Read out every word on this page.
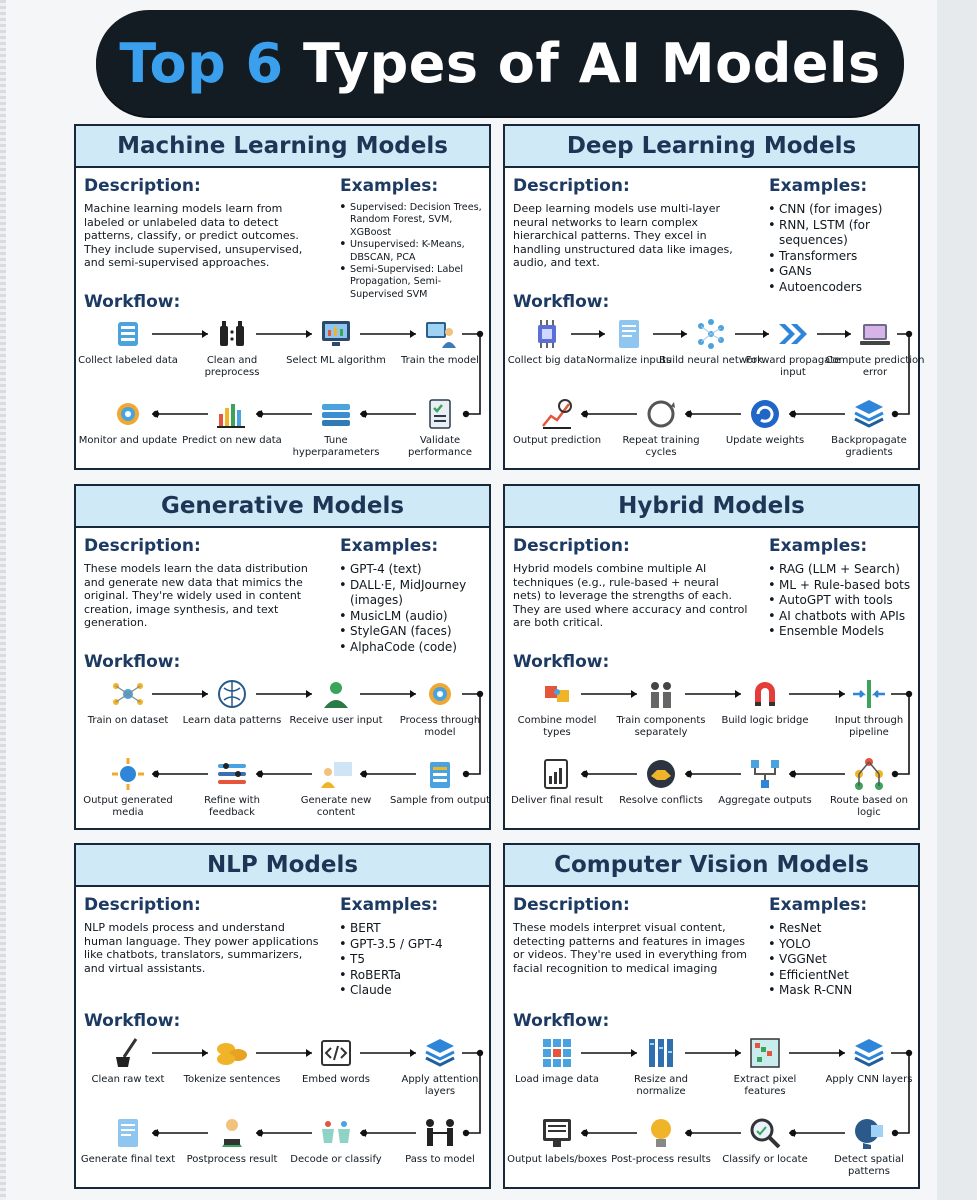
Top 6 Types of AI Models
Machine Learning Models
Description:	Examples:
Machine learning models learn from labeled or unlabeled data to detect patterns, classify, or predict outcomes. They include supervised, unsupervised, and semi-supervised approaches.
• Supervised: Decision Trees, Random Forest, SVM, XGBoost
• Unsupervised: K-Means, DBSCAN, PCA
• Semi-Supervised: Label Propagation, Semi-Supervised SVM
Workflow:
Collect labeled data	Clean and preprocess
Select ML algorithm	Train the model
Validate performance
Tune hyperparameters
Predict on new data
Monitor and update
Deep Learning Models
Description:	Examples:
Deep learning models use multi-layer neural networks to learn complex hierarchical patterns. They excel in handling unstructured data like images, audio, and text.
• CNN (for images)
• RNN, LSTM (for sequences)
• Transformers
• GANs
• Autoencoders
Workflow:
Collect big data Normalize inputs
Build neural network
Forward propagate input
Compute prediction error
Backpropagate gradients
Update weights
Repeat training cycles
Output prediction
Generative Models
Description:	Examples:
These models learn the data distribution and generate new data that mimics the original. They're widely used in content creation, image synthesis, and text generation.
• GPT-4 (text)
• DALL·E, MidJourney (images)
• MusicLM (audio)
• StyleGAN (faces)
• AlphaCode (code)
Workflow:
Train on dataset	Learn data patterns Receive user input	Process through model
Sample from output
Generate new content
Refine with feedback
Output generated media
Hybrid Models
Description:	Examples:
Hybrid models combine multiple AI techniques (e.g., rule-based + neural nets) to leverage the strengths of each. They are used where accuracy and control are both critical.
• RAG (LLM + Search)
• ML + Rule-based bots
• AutoGPT with tools
• AI chatbots with APIs
• Ensemble Models
Workflow:
Combine model types
Train components separately
Build logic bridge	Input through pipeline
Route based on logic
Aggregate outputs
Resolve conflicts
Deliver final result
NLP Models
Description:	Examples:
NLP models process and understand human language. They power applications like chatbots, translators, summarizers, and virtual assistants.
• BERT
• GPT-3.5 / GPT-4
• T5
• RoBERTa
• Claude
Workflow:
Clean raw text	Tokenize sentences	Embed words	Apply attention layers
Pass to model
Decode or classify
Postprocess result
Generate final text
Computer Vision Models
Description:	Examples:
These models interpret visual content, detecting patterns and features in images or videos. They're used in everything from facial recognition to medical imaging
• ResNet
• YOLO
• VGGNet
• EfficientNet
• Mask R-CNN
Workflow:
Load image data	Resize and normalize
Extract pixel features
Apply CNN layers
Detect spatial patterns
Classify or locate
Post-process results
Output labels/boxes
